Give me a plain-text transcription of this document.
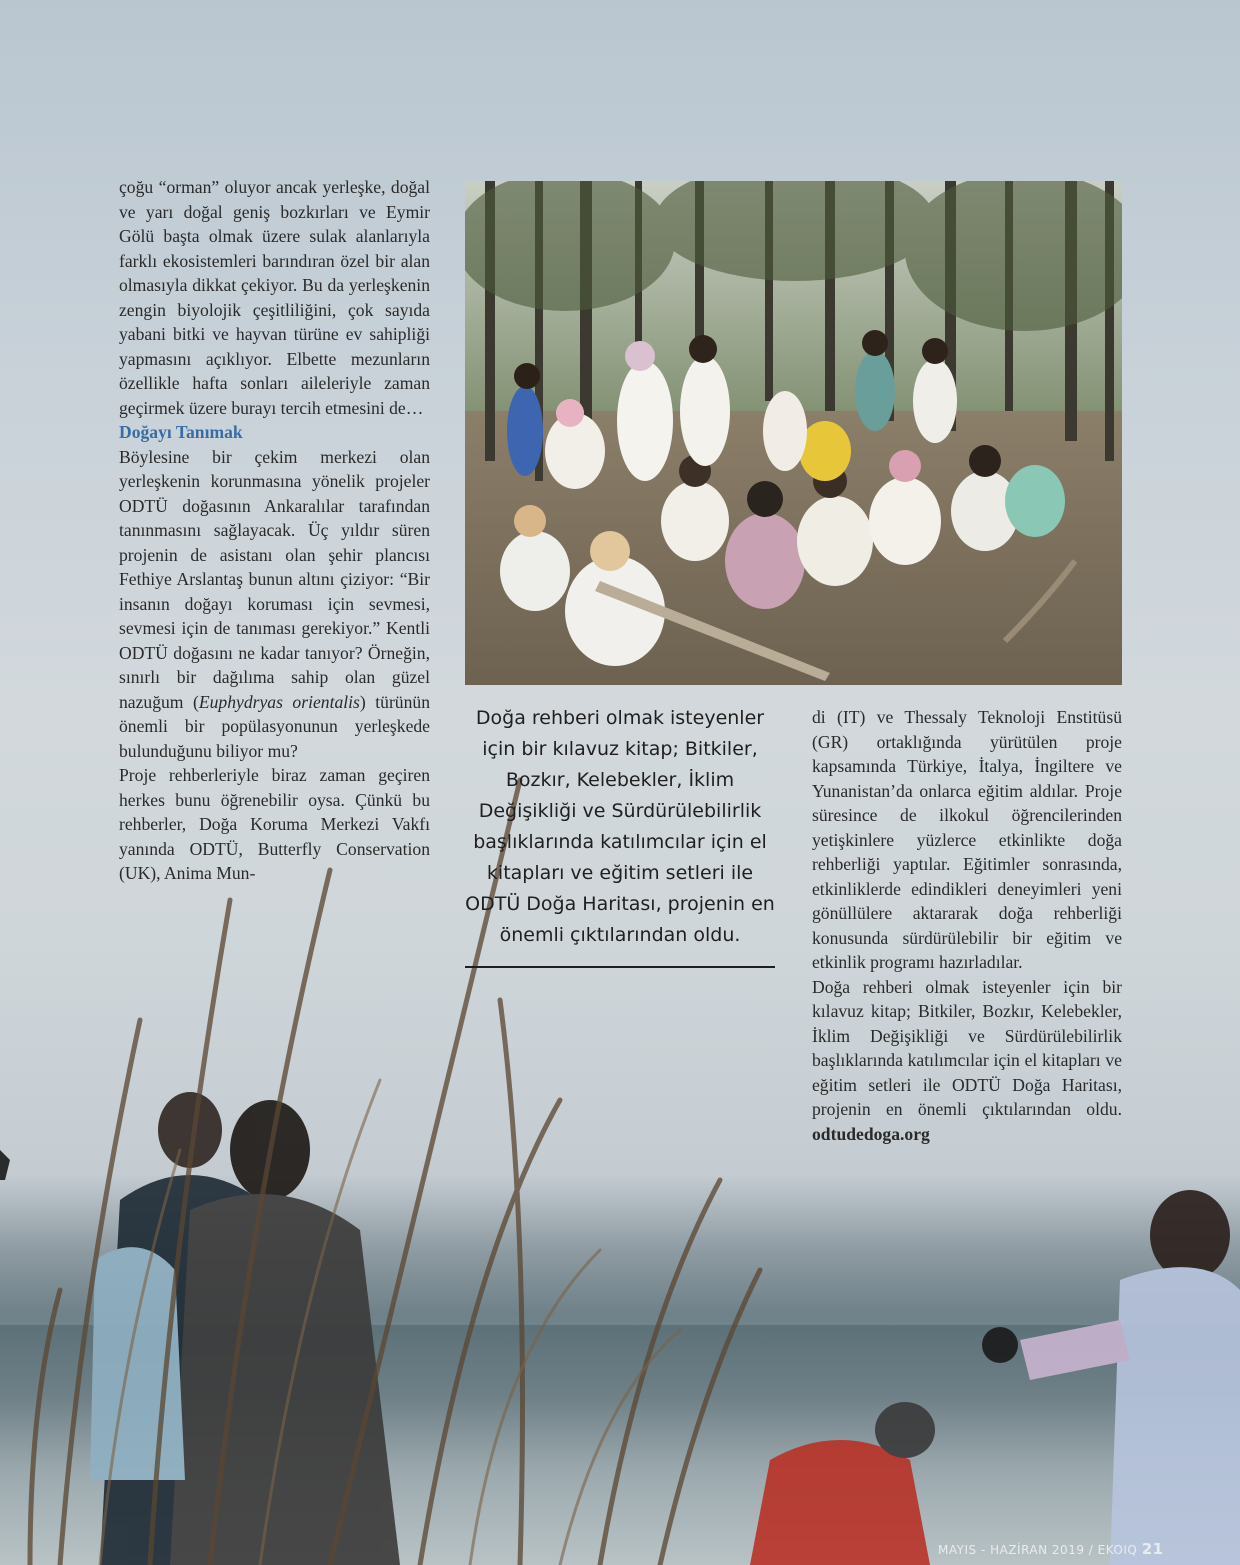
çoğu “orman” oluyor ancak yerleşke, doğal ve yarı doğal geniş bozkırları ve Eymir Gölü başta olmak üzere sulak alanlarıyla farklı ekosistemleri barındıran özel bir alan olmasıyla dikkat çekiyor. Bu da yerleşkenin zengin biyolojik çeşitliliğini, çok sayıda yabani bitki ve hayvan türüne ev sahipliği yapmasını açıklıyor. Elbette mezunların özellikle hafta sonları aileleriyle zaman geçirmek üzere burayı tercih etmesini de…

Doğayı Tanımak

Böylesine bir çekim merkezi olan yerleşkenin korunmasına yönelik projeler ODTÜ doğasının Ankaralılar tarafından tanınmasını sağlayacak. Üç yıldır süren projenin de asistanı olan şehir plancısı Fethiye Arslantaş bunun altını çiziyor: “Bir insanın doğayı koruması için sevmesi, sevmesi için de tanıması gerekiyor.” Kentli ODTÜ doğasını ne kadar tanıyor? Örneğin, sınırlı bir dağılıma sahip olan güzel nazuğum (Euphydryas orientalis) türünün önemli bir popülasyonunun yerleşkede bulunduğunu biliyor mu?

Proje rehberleriyle biraz zaman geçiren herkes bunu öğrenebilir oysa. Çünkü bu rehberler, Doğa Koruma Merkezi Vakfı yanında ODTÜ, Butterfly Conservation (UK), Anima Mun-

Doğa rehberi olmak isteyenler için bir kılavuz kitap; Bitkiler, Bozkır, Kelebekler, İklim Değişikliği ve Sürdürülebilirlik başlıklarında katılımcılar için el kitapları ve eğitim setleri ile ODTÜ Doğa Haritası, projenin en önemli çıktılarından oldu.

di (IT) ve Thessaly Teknoloji Enstitüsü (GR) ortaklığında yürütülen proje kapsamında Türkiye, İtalya, İngiltere ve Yunanistan’da onlarca eğitim aldılar. Proje süresince de ilkokul öğrencilerinden yetişkinlere yüzlerce etkinlikte doğa rehberliği yaptılar. Eğitimler sonrasında, etkinliklerde edindikleri deneyimleri yeni gönüllülere aktararak doğa rehberliği konusunda sürdürülebilir bir eğitim ve etkinlik programı hazırladılar.

Doğa rehberi olmak isteyenler için bir kılavuz kitap; Bitkiler, Bozkır, Kelebekler, İklim Değişikliği ve Sürdürülebilirlik başlıklarında katılımcılar için el kitapları ve eğitim setleri ile ODTÜ Doğa Haritası, projenin en önemli çıktılarından oldu. odtudedoga.org

MAYIS - HAZİRAN 2019 / EKOIQ 21
